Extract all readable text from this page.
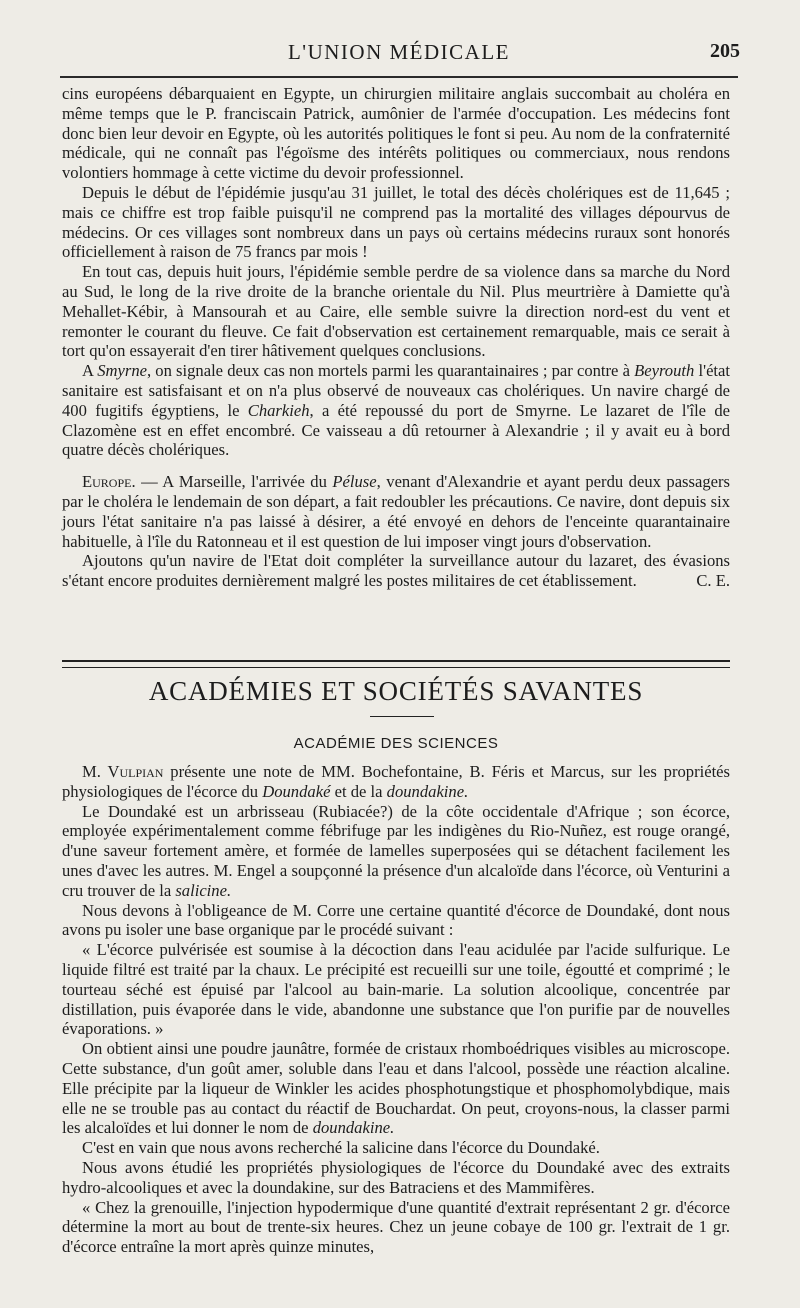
L'UNION MÉDICALE	205

cins européens débarquaient en Egypte, un chirurgien militaire anglais succombait au choléra en même temps que le P. franciscain Patrick, aumônier de l'armée d'occupation. Les médecins font donc bien leur devoir en Egypte, où les autorités politiques le font si peu. Au nom de la confraternité médicale, qui ne connaît pas l'égoïsme des intérêts politiques ou commerciaux, nous rendons volontiers hommage à cette victime du devoir professionnel.

Depuis le début de l'épidémie jusqu'au 31 juillet, le total des décès cholériques est de 11,645 ; mais ce chiffre est trop faible puisqu'il ne comprend pas la mortalité des villages dépourvus de médecins. Or ces villages sont nombreux dans un pays où certains médecins ruraux sont honorés officiellement à raison de 75 francs par mois !

En tout cas, depuis huit jours, l'épidémie semble perdre de sa violence dans sa marche du Nord au Sud, le long de la rive droite de la branche orientale du Nil. Plus meurtrière à Damiette qu'à Mehallet-Kébir, à Mansourah et au Caire, elle semble suivre la direction nord-est du vent et remonter le courant du fleuve. Ce fait d'observation est certainement remarquable, mais ce serait à tort qu'on essayerait d'en tirer hâtivement quelques conclusions.

A Smyrne, on signale deux cas non mortels parmi les quarantainaires ; par contre à Beyrouth l'état sanitaire est satisfaisant et on n'a plus observé de nouveaux cas cholériques. Un navire chargé de 400 fugitifs égyptiens, le Charkieh, a été repoussé du port de Smyrne. Le lazaret de l'île de Clazomène est en effet encombré. Ce vaisseau a dû retourner à Alexandrie ; il y avait eu à bord quatre décès cholériques.

Europe. — A Marseille, l'arrivée du Péluse, venant d'Alexandrie et ayant perdu deux passagers par le choléra le lendemain de son départ, a fait redoubler les précautions. Ce navire, dont depuis six jours l'état sanitaire n'a pas laissé à désirer, a été envoyé en dehors de l'enceinte quarantainaire habituelle, à l'île du Ratonneau et il est question de lui imposer vingt jours d'observation.

Ajoutons qu'un navire de l'Etat doit compléter la surveillance autour du lazaret, des évasions s'étant encore produites dernièrement malgré les postes militaires de cet établissement.	C. E.

ACADÉMIES ET SOCIÉTÉS SAVANTES
ACADÉMIE DES SCIENCES

M. Vulpian présente une note de MM. Bochefontaine, B. Féris et Marcus, sur les propriétés physiologiques de l'écorce du Doundaké et de la doundakine.

Le Doundaké est un arbrisseau (Rubiacée?) de la côte occidentale d'Afrique ; son écorce, employée expérimentalement comme fébrifuge par les indigènes du Rio-Nuñez, est rouge orangé, d'une saveur fortement amère, et formée de lamelles superposées qui se détachent facilement les unes d'avec les autres. M. Engel a soupçonné la présence d'un alcaloïde dans l'écorce, où Venturini a cru trouver de la salicine.

Nous devons à l'obligeance de M. Corre une certaine quantité d'écorce de Doundaké, dont nous avons pu isoler une base organique par le procédé suivant :

« L'écorce pulvérisée est soumise à la décoction dans l'eau acidulée par l'acide sulfurique. Le liquide filtré est traité par la chaux. Le précipité est recueilli sur une toile, égoutté et comprimé ; le tourteau séché est épuisé par l'alcool au bain-marie. La solution alcoolique, concentrée par distillation, puis évaporée dans le vide, abandonne une substance que l'on purifie par de nouvelles évaporations. »

On obtient ainsi une poudre jaunâtre, formée de cristaux rhomboédriques visibles au microscope. Cette substance, d'un goût amer, soluble dans l'eau et dans l'alcool, possède une réaction alcaline. Elle précipite par la liqueur de Winkler les acides phosphotungstique et phosphomolybdique, mais elle ne se trouble pas au contact du réactif de Bouchardat. On peut, croyons-nous, la classer parmi les alcaloïdes et lui donner le nom de doundakine.

C'est en vain que nous avons recherché la salicine dans l'écorce du Doundaké.

Nous avons étudié les propriétés physiologiques de l'écorce du Doundaké avec des extraits hydro-alcooliques et avec la doundakine, sur des Batraciens et des Mammifères.

« Chez la grenouille, l'injection hypodermique d'une quantité d'extrait représentant 2 gr. d'écorce détermine la mort au bout de trente-six heures. Chez un jeune cobaye de 100 gr. l'extrait de 1 gr. d'écorce entraîne la mort après quinze minutes,
